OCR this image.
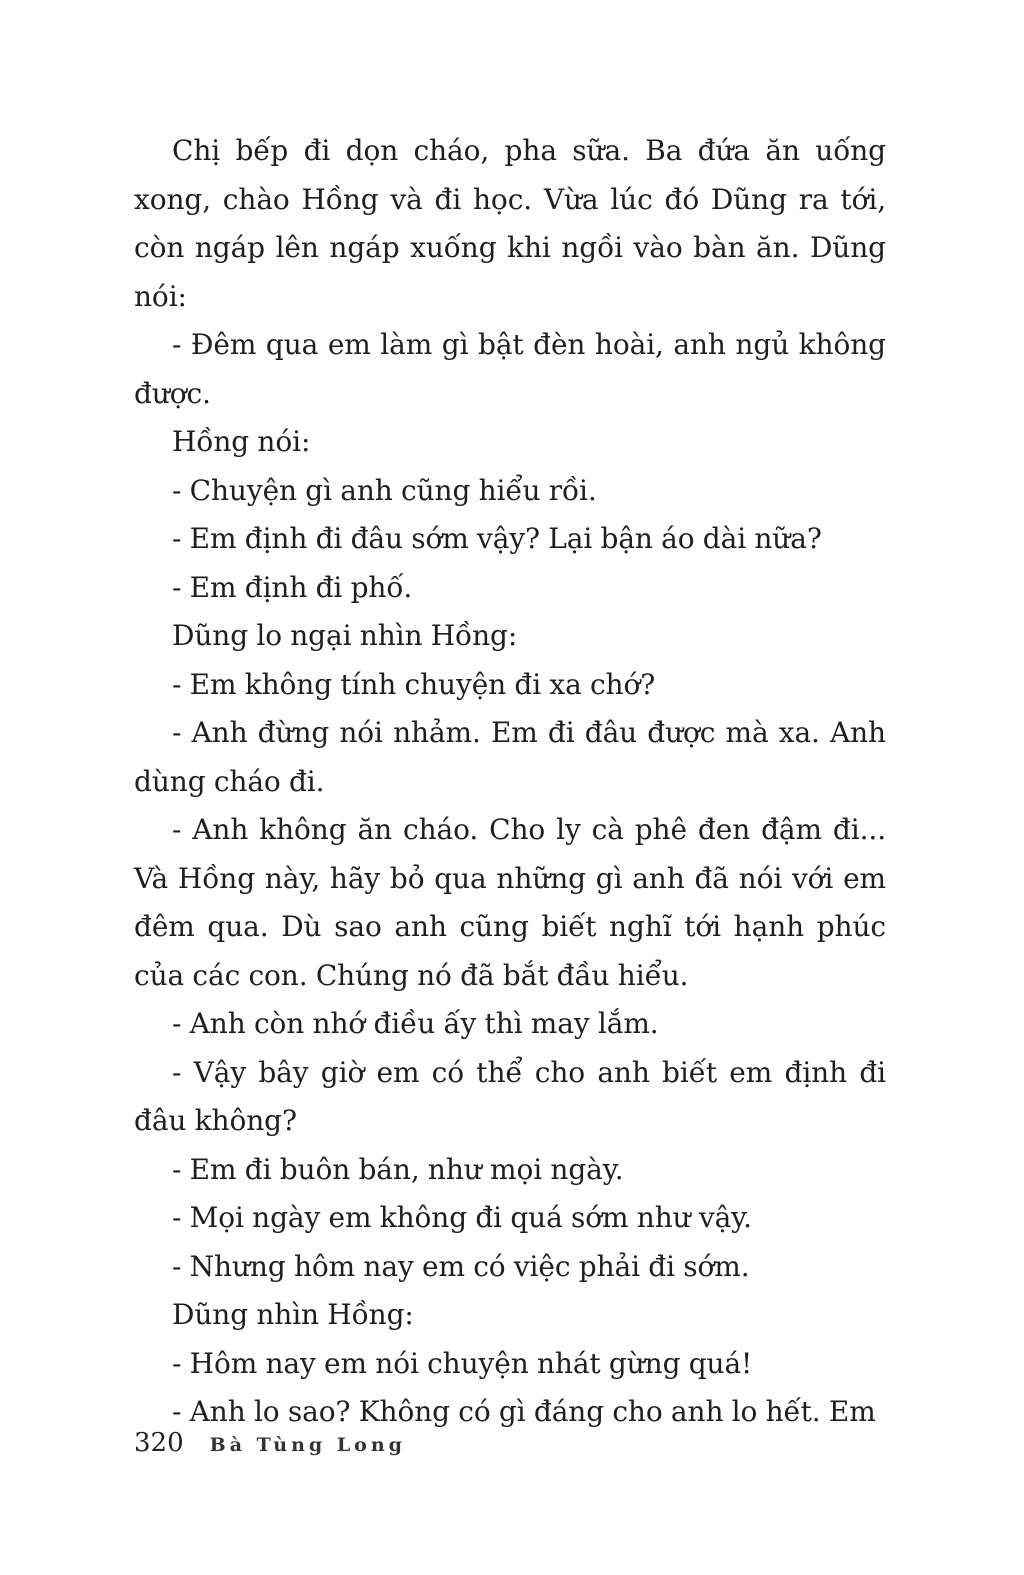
Chị bếp đi dọn cháo, pha sữa. Ba đứa ăn uống xong, chào Hồng và đi học. Vừa lúc đó Dũng ra tới, còn ngáp lên ngáp xuống khi ngồi vào bàn ăn. Dũng nói:

- Đêm qua em làm gì bật đèn hoài, anh ngủ không được.

Hồng nói:

- Chuyện gì anh cũng hiểu rồi.

- Em định đi đâu sớm vậy? Lại bận áo dài nữa?

- Em định đi phố.

Dũng lo ngại nhìn Hồng:

- Em không tính chuyện đi xa chớ?

- Anh đừng nói nhảm. Em đi đâu được mà xa. Anh dùng cháo đi.

- Anh không ăn cháo. Cho ly cà phê đen đậm đi... Và Hồng này, hãy bỏ qua những gì anh đã nói với em đêm qua. Dù sao anh cũng biết nghĩ tới hạnh phúc của các con. Chúng nó đã bắt đầu hiểu.

- Anh còn nhớ điều ấy thì may lắm.

- Vậy bây giờ em có thể cho anh biết em định đi đâu không?

- Em đi buôn bán, như mọi ngày.

- Mọi ngày em không đi quá sớm như vậy.

- Nhưng hôm nay em có việc phải đi sớm.

Dũng nhìn Hồng:

- Hôm nay em nói chuyện nhát gừng quá!

- Anh lo sao? Không có gì đáng cho anh lo hết. Em

320 Bà Tùng Long
